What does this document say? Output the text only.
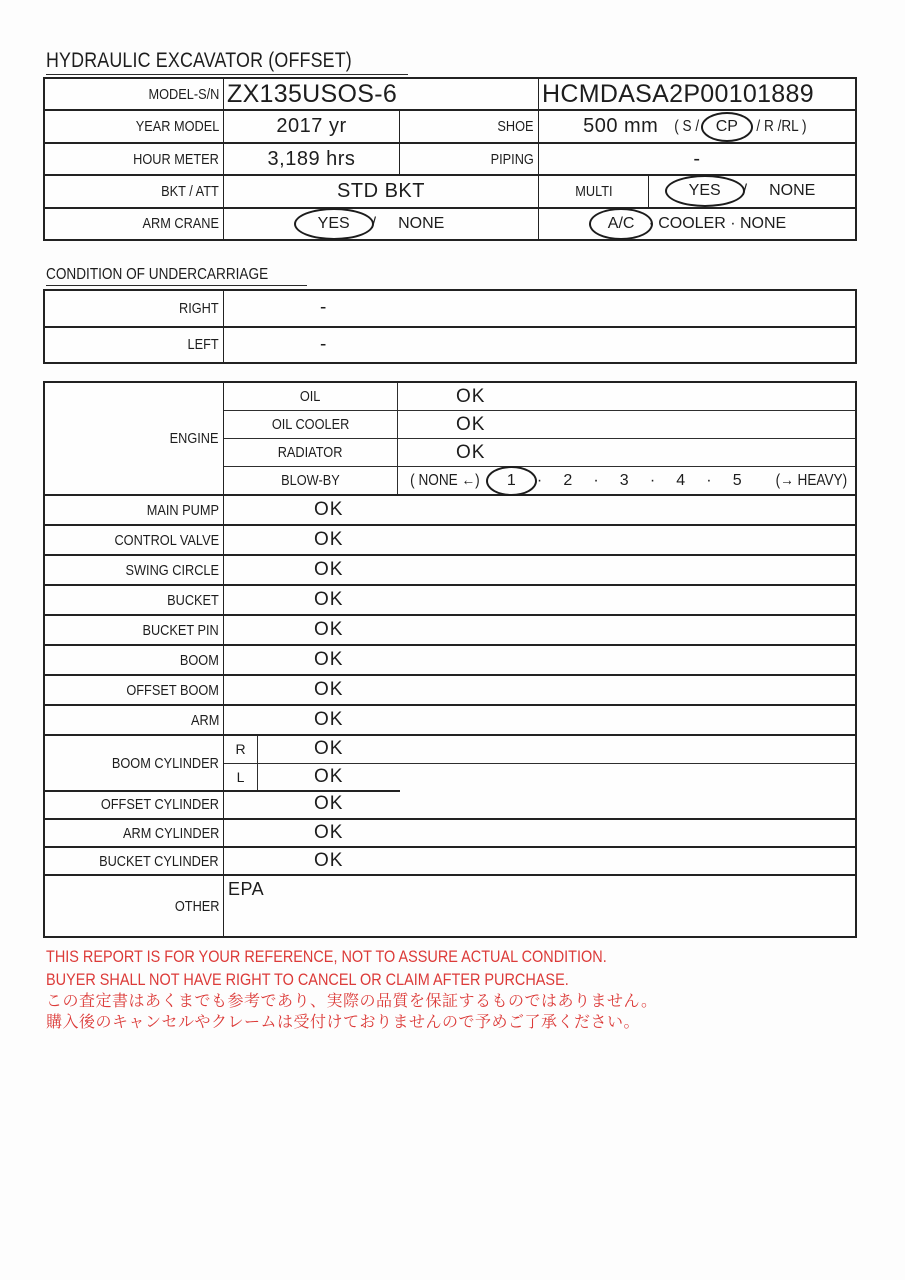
HYDRAULIC EXCAVATOR (OFFSET)
MODEL-S/N ZX135USOS-6	HCMDASA2P00101889
YEAR MODEL	2017 yr	SHOE 500 mm ( S / CP / R /RL )
HOUR METER 3,189 hrs	PIPING	-
BKT / ATT	STD BKT	MULTI	YES / NONE
ARM CRANE	YES / NONE	A/C · COOLER · NONE
CONDITION OF UNDERCARRIAGE
RIGHT	-
LEFT	-
ENGINE
OIL	OK
OIL COOLER	OK
RADIATOR	OK
BLOW-BY	( NONE ←) 1 · 2 · 3 · 4 · 5 (→ HEAVY)
MAIN PUMP	OK
CONTROL VALVE	OK
SWING CIRCLE	OK
BUCKET	OK
BUCKET PIN	OK
BOOM	OK
OFFSET BOOM	OK
ARM	OK
BOOM CYLINDER
R	OK
L	OK
OFFSET CYLINDER	OK
ARM CYLINDER	OK
BUCKET CYLINDER	OK
OTHER
EPA
THIS REPORT IS FOR YOUR REFERENCE, NOT TO ASSURE ACTUAL CONDITION.
BUYER SHALL NOT HAVE RIGHT TO CANCEL OR CLAIM AFTER PURCHASE.
この査定書はあくまでも参考であり、実際の品質を保証するものではありません。
購入後のキャンセルやクレームは受付けておりませんので予めご了承ください。
